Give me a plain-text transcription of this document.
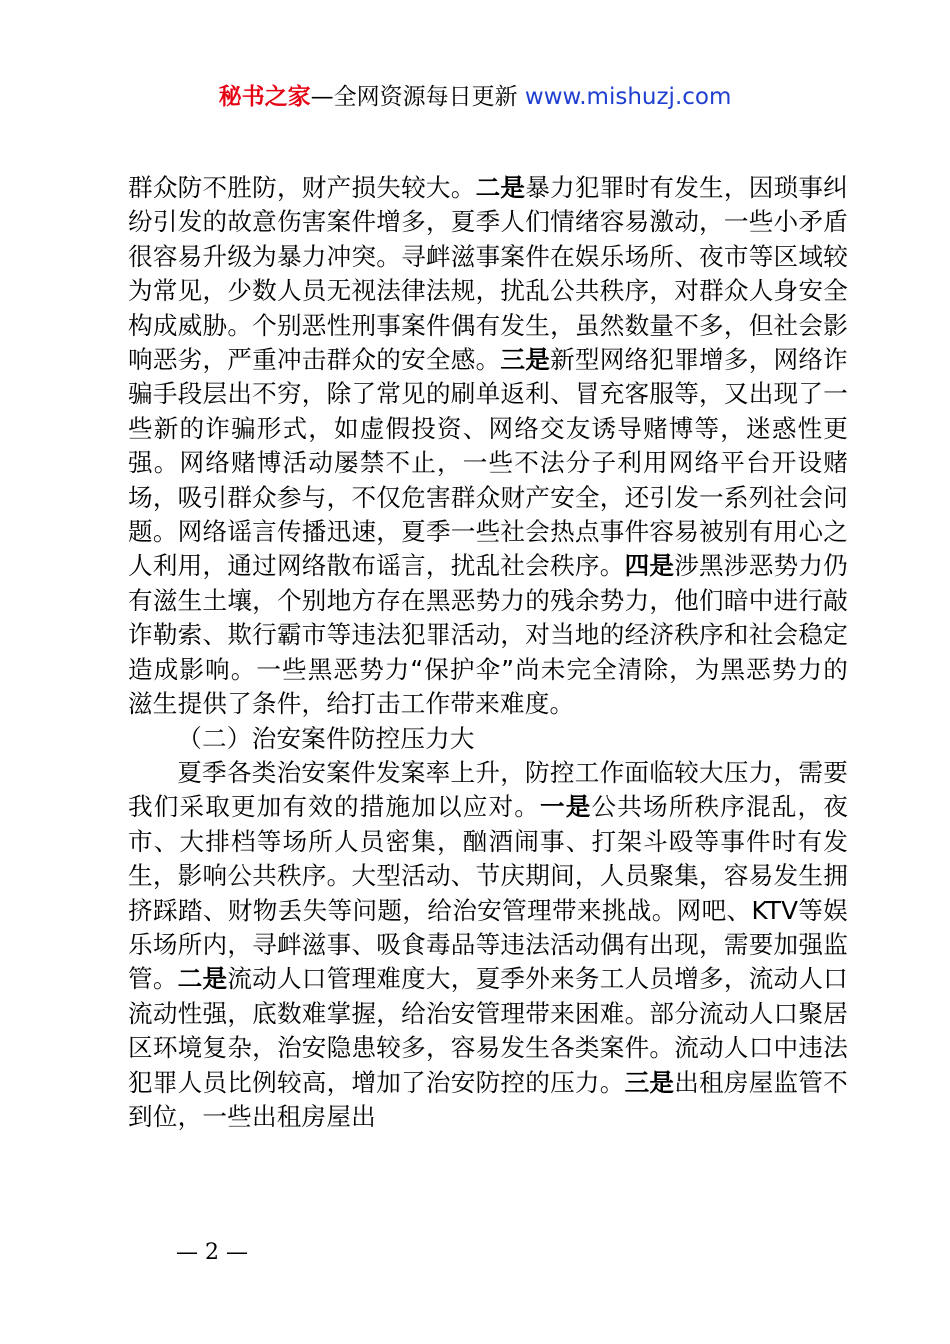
秘书之家—全网资源每日更新 www.mishuzj.com

群众防不胜防，财产损失较大。二是暴力犯罪时有发生，因琐事纠纷引发的故意伤害案件增多，夏季人们情绪容易激动，一些小矛盾很容易升级为暴力冲突。寻衅滋事案件在娱乐场所、夜市等区域较为常见，少数人员无视法律法规，扰乱公共秩序，对群众人身安全构成威胁。个别恶性刑事案件偶有发生，虽然数量不多，但社会影响恶劣，严重冲击群众的安全感。三是新型网络犯罪增多，网络诈骗手段层出不穷，除了常见的刷单返利、冒充客服等，又出现了一些新的诈骗形式，如虚假投资、网络交友诱导赌博等，迷惑性更强。网络赌博活动屡禁不止，一些不法分子利用网络平台开设赌场，吸引群众参与，不仅危害群众财产安全，还引发一系列社会问题。网络谣言传播迅速，夏季一些社会热点事件容易被别有用心之人利用，通过网络散布谣言，扰乱社会秩序。四是涉黑涉恶势力仍有滋生土壤，个别地方存在黑恶势力的残余势力，他们暗中进行敲诈勒索、欺行霸市等违法犯罪活动，对当地的经济秩序和社会稳定造成影响。一些黑恶势力“保护伞”尚未完全清除，为黑恶势力的滋生提供了条件，给打击工作带来难度。

（二）治安案件防控压力大

夏季各类治安案件发案率上升，防控工作面临较大压力，需要我们采取更加有效的措施加以应对。一是公共场所秩序混乱，夜市、大排档等场所人员密集，酗酒闹事、打架斗殴等事件时有发生，影响公共秩序。大型活动、节庆期间，人员聚集，容易发生拥挤踩踏、财物丢失等问题，给治安管理带来挑战。网吧、KTV等娱乐场所内，寻衅滋事、吸食毒品等违法活动偶有出现，需要加强监管。二是流动人口管理难度大，夏季外来务工人员增多，流动人口流动性强，底数难掌握，给治安管理带来困难。部分流动人口聚居区环境复杂，治安隐患较多，容易发生各类案件。流动人口中违法犯罪人员比例较高，增加了治安防控的压力。三是出租房屋监管不到位，一些出租房屋出

— 2 —
